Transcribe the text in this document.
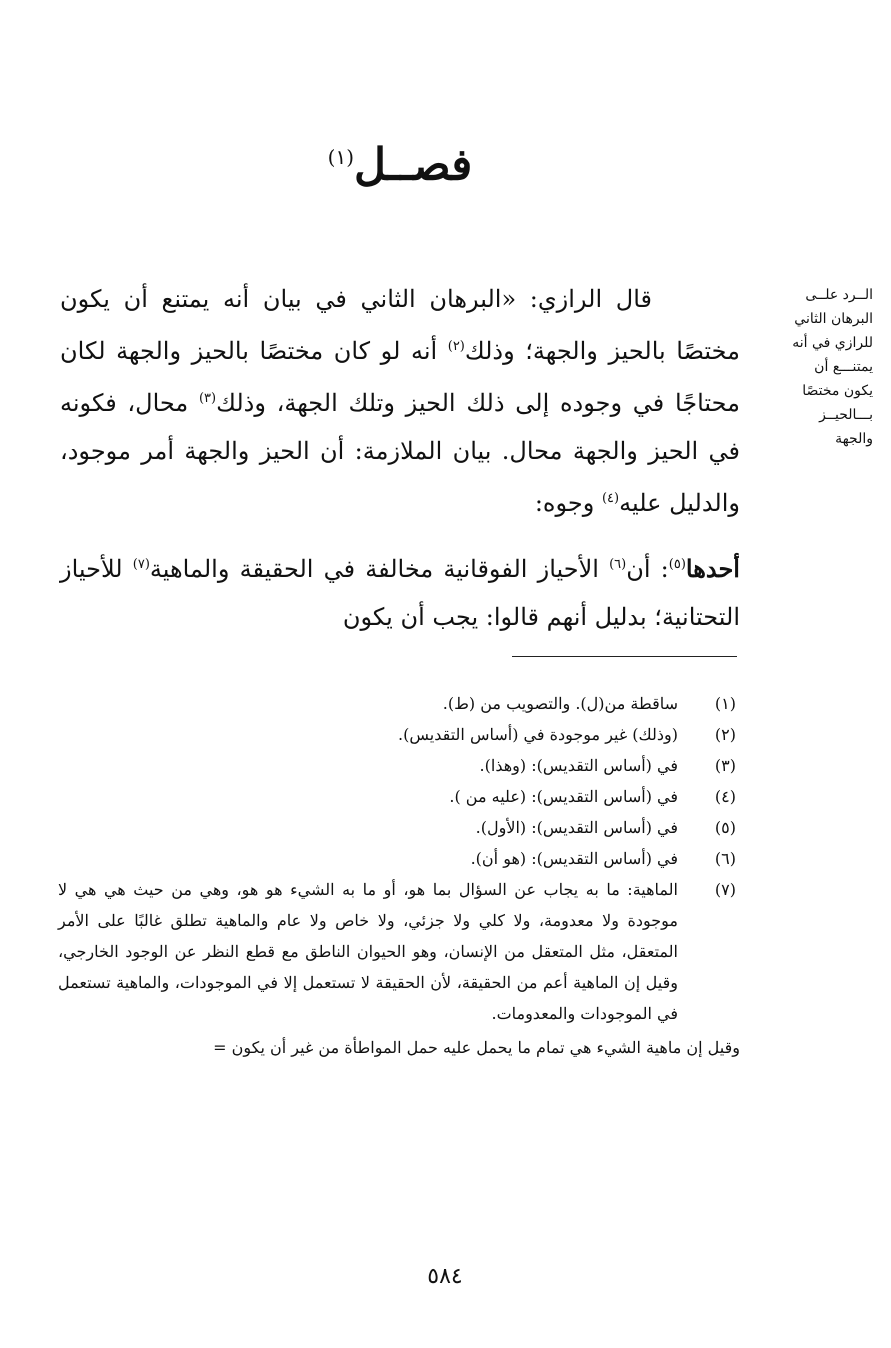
فصــل$^{(١)}$
الــرد علــى
البرهان الثاني
للرازي في أنه
يمتنـــع أن
يكون مختصًا
بـــالحيــز
والجهة

قال الرازي: «البرهان الثاني في بيان أنه يمتنع أن يكون مختصًا بالحيز والجهة؛ وذلك$^{(٢)}$ أنه لو كان مختصًا بالحيز والجهة لكان محتاجًا في وجوده إلى ذلك الحيز وتلك الجهة، وذلك$^{(٣)}$ محال، فكونه في الحيز والجهة محال. بيان الملازمة: أن الحيز والجهة أمر موجود، والدليل عليه$^{(٤)}$ وجوه:

أحدها$^{(٥)}$: أن$^{(٦)}$ الأحياز الفوقانية مخالفة في الحقيقة والماهية$^{(٧)}$ للأحياز التحتانية؛ بدليل أنهم قالوا: يجب أن يكون

(١)
ساقطة من(ل). والتصويب من (ط).
(٢)
(وذلك) غير موجودة في (أساس التقديس).
(٣)
في (أساس التقديس): (وهذا).
(٤)
في (أساس التقديس): (عليه من ).
(٥)
في (أساس التقديس): (الأول).
(٦)
في (أساس التقديس): (هو أن).
(٧)
الماهية: ما به يجاب عن السؤال بما هو، أو ما به الشيء هو هو، وهي من حيث هي هي لا موجودة ولا معدومة، ولا كلي ولا جزئي، ولا خاص ولا عام والماهية تطلق غالبًا على الأمر المتعقل، مثل المتعقل من الإنسان، وهو الحيوان الناطق مع قطع النظر عن الوجود الخارجي، وقيل إن الماهية أعم من الحقيقة، لأن الحقيقة لا تستعمل إلا في الموجودات، والماهية تستعمل في الموجودات والمعدومات.
وقيل إن ماهية الشيء هي تمام ما يحمل عليه حمل المواطأة من غير أن يكون =
٥٨٤
